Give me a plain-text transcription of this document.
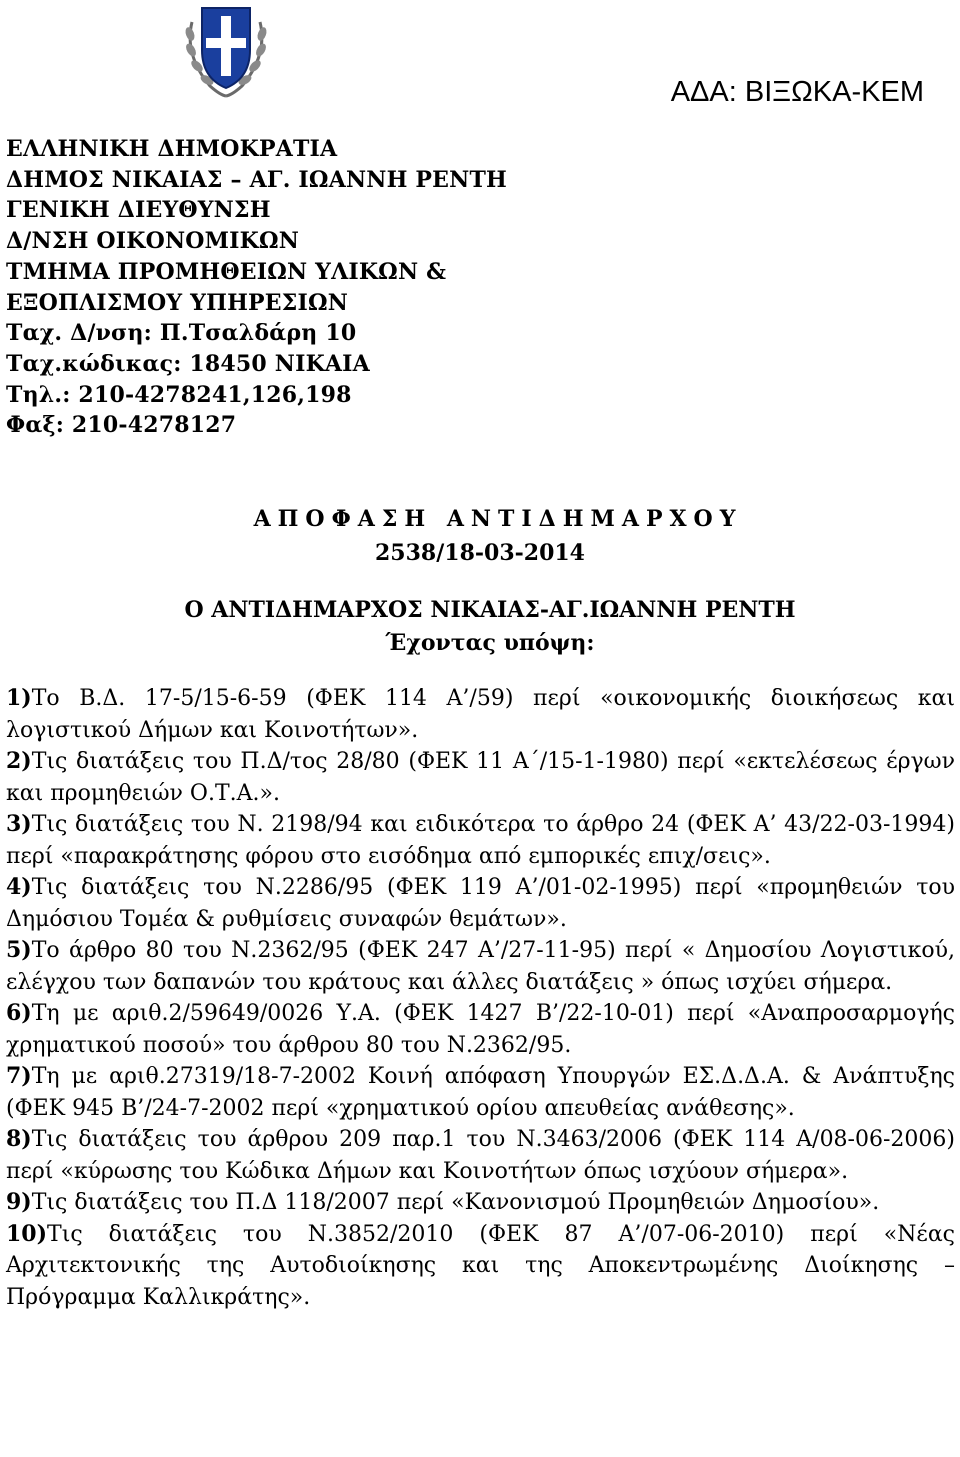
ΑΔΑ: ΒΙΞΩΚΑ-ΚΕΜ
ΕΛΛΗΝΙΚΗ ΔΗΜΟΚΡΑΤΙΑ
ΔΗΜΟΣ ΝΙΚΑΙΑΣ – ΑΓ. ΙΩΑΝΝΗ ΡΕΝΤΗ
ΓΕΝΙΚΗ ΔΙΕΥΘΥΝΣΗ
Δ/ΝΣΗ ΟΙΚΟΝΟΜΙΚΩΝ
ΤΜΗΜΑ ΠΡΟΜΗΘΕΙΩΝ ΥΛΙΚΩΝ &
ΕΞΟΠΛΙΣΜΟΥ ΥΠΗΡΕΣΙΩΝ
Ταχ. Δ/νση: Π.Τσαλδάρη 10
Ταχ.κώδικας: 18450 ΝΙΚΑΙΑ
Τηλ.: 210-4278241,126,198
Φαξ: 210-4278127
ΑΠΟΦΑΣΗ ΑΝΤΙΔΗΜΑΡΧΟΥ
2538/18-03-2014
Ο ΑΝΤΙΔΗΜΑΡΧΟΣ ΝΙΚΑΙΑΣ-ΑΓ.ΙΩΑΝΝΗ ΡΕΝΤΗ
Έχοντας υπόψη:

1)Το Β.Δ. 17-5/15-6-59 (ΦΕΚ 114 Α’/59) περί «οικονομικής διοικήσεως και λογιστικού Δήμων και Κοινοτήτων».

2)Τις διατάξεις του Π.Δ/τος 28/80 (ΦΕΚ 11 Α΄/15-1-1980) περί «εκτελέσεως έργων και προμηθειών Ο.Τ.Α.».

3)Τις διατάξεις του Ν. 2198/94 και ειδικότερα το άρθρο 24 (ΦΕΚ Α’ 43/22-03-1994) περί «παρακράτησης φόρου στο εισόδημα από εμπορικές επιχ/σεις».

4)Τις διατάξεις του Ν.2286/95 (ΦΕΚ 119 Α’/01-02-1995) περί «προμηθειών του Δημόσιου Τομέα & ρυθμίσεις συναφών θεμάτων».

5)Το άρθρο 80 του Ν.2362/95 (ΦΕΚ 247 Α’/27-11-95) περί « Δημοσίου Λογιστικού, ελέγχου των δαπανών του κράτους και άλλες διατάξεις » όπως ισχύει σήμερα.

6)Τη με αριθ.2/59649/0026 Υ.Α. (ΦΕΚ 1427 Β’/22-10-01) περί «Αναπροσαρμογής χρηματικού ποσού» του άρθρου 80 του Ν.2362/95.

7)Τη με αριθ.27319/18-7-2002 Κοινή απόφαση Υπουργών ΕΣ.Δ.Δ.Α. & Ανάπτυξης (ΦΕΚ 945 Β’/24-7-2002 περί «χρηματικού ορίου απευθείας ανάθεσης».

8)Τις διατάξεις του άρθρου 209 παρ.1 του Ν.3463/2006 (ΦΕΚ 114 Α/08-06-2006) περί «κύρωσης του Κώδικα Δήμων και Κοινοτήτων όπως ισχύουν σήμερα».

9)Τις διατάξεις του Π.Δ 118/2007 περί «Κανονισμού Προμηθειών Δημοσίου».

10)Τις διατάξεις του Ν.3852/2010 (ΦΕΚ 87 Α’/07-06-2010) περί «Νέας Αρχιτεκτονικής της Αυτοδιοίκησης και της Αποκεντρωμένης Διοίκησης – Πρόγραμμα Καλλικράτης».
